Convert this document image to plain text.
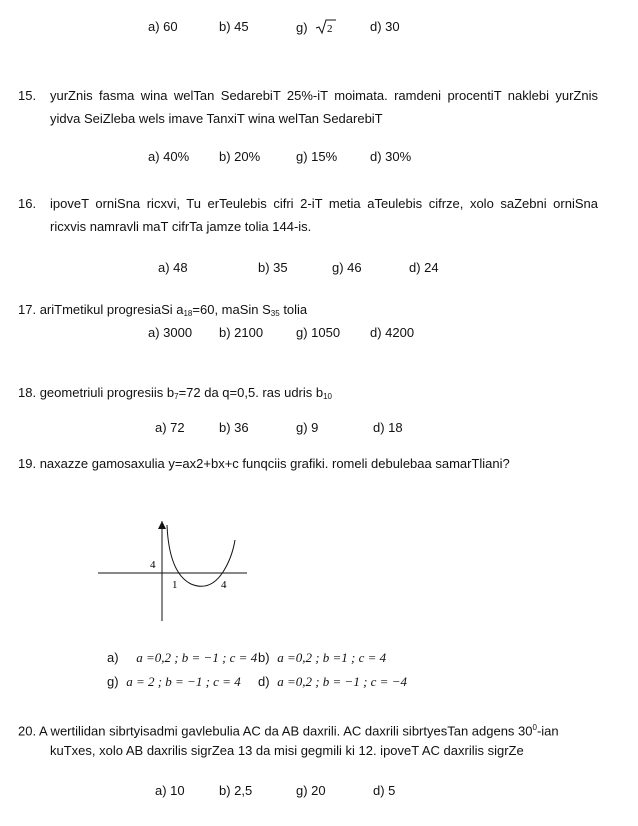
a) 60	b) 45	g) 2	d) 30
15. yurZnis fasma wina welTan SedarebiT 25%-iT moimata. ramdeni procentiT naklebi yurZnis yidva SeiZleba wels imave TanxiT wina welTan SedarebiT
a) 40% b) 20%	g) 15%	d) 30%
16. ipoveT orniSna ricxvi, Tu erTeulebis cifri 2-iT metia aTeulebis cifrze, xolo saZebni orniSna ricxvis namravli maT cifrTa jamze tolia 144-is.
a) 48	b) 35	g) 46	d) 24
17. ariTmetikul progresiaSi $a_{18}=60$, maSin $S_{35}$ tolia
a) 3000 b) 2100	g) 1050 d) 4200
18. geometriuli progresiis $b_7=72$ da q=0,5. ras udris $b_{10}$
a) 72	b) 36	g) 9	d) 18
19. naxazze gamosaxulia y=ax2+bx+c funqciis grafiki. romeli debulebaa samarTliani?
4
1	4
a) a =0,2 ; b = −1 ; c = 4 b) a =0,2 ; b =1 ; c = 4
g) a = 2 ; b = −1 ; c = 4 d) a =0,2 ; b = −1 ; c = −4
20. A wertilidan sibrtyisadmi gavlebulia AC da AB daxrili. AC daxrili sibrtyesTan adgens $30^0$-ian
kuTxes, xolo AB daxrilis sigrZea 13 da misi gegmili ki 12. ipoveT AC daxrilis sigrZe
a) 10	b) 2,5	g) 20	d) 5
